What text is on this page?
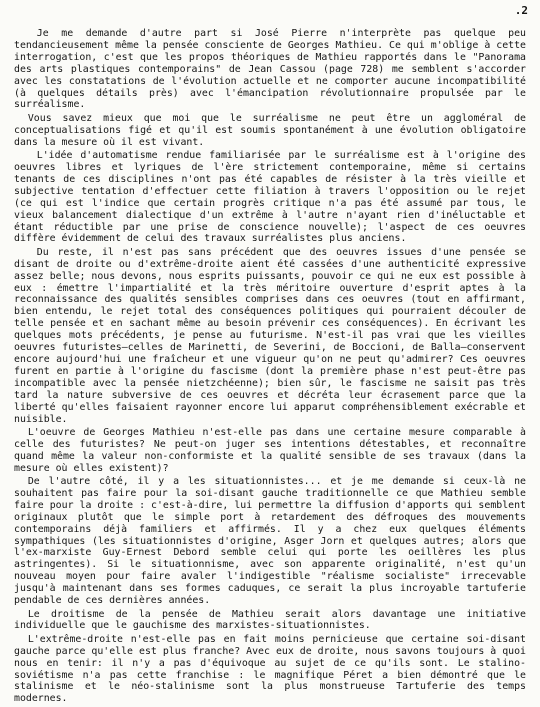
.2

Je me demande d'autre part si José Pierre n'interprète pas quelque peu tendancieusement même la pensée consciente de Georges Mathieu. Ce qui m'oblige à cette interrogation, c'est que les propos théoriques de Mathieu rapportés dans le "Panorama des arts plastiques contemporains" de Jean Cassou (page 728) me semblent s'accorder avec les constatations de l'évolution actuelle et ne comporter aucune incompatibilité (à quelques détails près) avec l'émancipation révolutionnaire propulsée par le surréalisme.

Vous savez mieux que moi que le surréalisme ne peut être un aggloméral de conceptualisations figé et qu'il est soumis spontanément à une évolution obligatoire dans la mesure où il est vivant.

L'idée d'automatisme rendue familiarisée par le surréalisme est à l'origine des oeuvres libres et lyriques de l'ère strictement contemporaine, même si certains tenants de ces disciplines n'ont pas été capables de résister à la très vieille et subjective tentation d'effectuer cette filiation à travers l'opposition ou le rejet (ce qui est l'indice que certain progrès critique n'a pas été assumé par tous, le vieux balancement dialectique d'un extrême à l'autre n'ayant rien d'inéluctable et étant réductible par une prise de conscience nouvelle); l'aspect de ces oeuvres diffère évidemment de celui des travaux surréalistes plus anciens.

Du reste, il n'est pas sans précédent que des oeuvres issues d'une pensée se disant de droite ou d'extrême-droite aient été cassées d'une authenticité expressive assez belle; nous devons, nous esprits puissants, pouvoir ce qui ne eux est possible à eux : émettre l'impartialité et la très méritoire ouverture d'esprit aptes à la reconnaissance des qualités sensibles comprises dans ces oeuvres (tout en affirmant, bien entendu, le rejet total des conséquences politiques qui pourraient découler de telle pensée et en sachant même au besoin prévenir ces conséquences). En écrivant les quelques mots précédents, je pense au futurisme. N'est-il pas vrai que les vieilles oeuvres futuristes—celles de Marinetti, de Severini, de Boccioni, de Balla—conservent encore aujourd'hui une fraîcheur et une vigueur qu'on ne peut qu'admirer? Ces oeuvres furent en partie à l'origine du fascisme (dont la première phase n'est peut-être pas incompatible avec la pensée nietzchéenne); bien sûr, le fascisme ne saisit pas très tard la nature subversive de ces oeuvres et décréta leur écrasement parce que la liberté qu'elles faisaient rayonner encore lui apparut compréhensiblement exécrable et nuisible.

L'oeuvre de Georges Mathieu n'est-elle pas dans une certaine mesure comparable à celle des futuristes? Ne peut-on juger ses intentions détestables, et reconnaître quand même la valeur non-conformiste et la qualité sensible de ses travaux (dans la mesure où elles existent)?

De l'autre côté, il y a les situationnistes... et je me demande si ceux-là ne souhaitent pas faire pour la soi-disant gauche traditionnelle ce que Mathieu semble faire pour la droite : c'est-à-dire, lui permettre la diffusion d'apports qui semblent originaux plutôt que le simple port à retardement des défroques des mouvements contemporains déjà familiers et affirmés. Il y a chez eux quelques éléments sympathiques (les situationnistes d'origine, Asger Jorn et quelques autres; alors que l'ex-marxiste Guy-Ernest Debord semble celui qui porte les oeillères les plus astringentes). Si le situationnisme, avec son apparente originalité, n'est qu'un nouveau moyen pour faire avaler l'indigestible "réalisme socialiste" irrecevable jusqu'à maintenant dans ses formes caduques, ce serait la plus incroyable tartuferie pendable de ces dernières années.

Le droitisme de la pensée de Mathieu serait alors davantage une initiative individuelle que le gauchisme des marxistes-situationnistes.

L'extrême-droite n'est-elle pas en fait moins pernicieuse que certaine soi-disant gauche parce qu'elle est plus franche? Avec eux de droite, nous savons toujours à quoi nous en tenir: il n'y a pas d'équivoque au sujet de ce qu'ils sont. Le stalino-soviétisme n'a pas cette franchise : le magnifique Péret a bien démontré que le stalinisme et le néo-stalinisme sont la plus monstrueuse Tartuferie des temps modernes.
